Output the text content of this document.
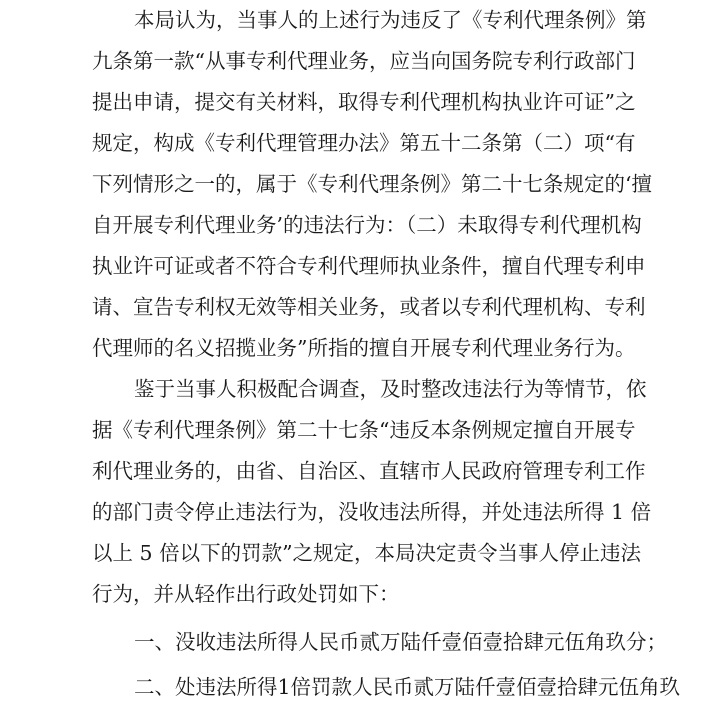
本局认为，当事人的上述行为违反了《专利代理条例》第
九条第一款“从事专利代理业务，应当向国务院专利行政部门
提出申请，提交有关材料，取得专利代理机构执业许可证”之
规定，构成《专利代理管理办法》第五十二条第（二）项“有
下列情形之一的，属于《专利代理条例》第二十七条规定的‘擅
自开展专利代理业务’的违法行为：（二）未取得专利代理机构
执业许可证或者不符合专利代理师执业条件，擅自代理专利申
请、宣告专利权无效等相关业务，或者以专利代理机构、专利
代理师的名义招揽业务”所指的擅自开展专利代理业务行为。
鉴于当事人积极配合调查，及时整改违法行为等情节，依
据《专利代理条例》第二十七条“违反本条例规定擅自开展专
利代理业务的，由省、自治区、直辖市人民政府管理专利工作
的部门责令停止违法行为，没收违法所得，并处违法所得 1 倍
以上 5 倍以下的罚款”之规定，本局决定责令当事人停止违法
行为，并从轻作出行政处罚如下：
一、没收违法所得人民币贰万陆仟壹佰壹拾肆元伍角玖分；
二、处违法所得1倍罚款人民币贰万陆仟壹佰壹拾肆元伍角玖
